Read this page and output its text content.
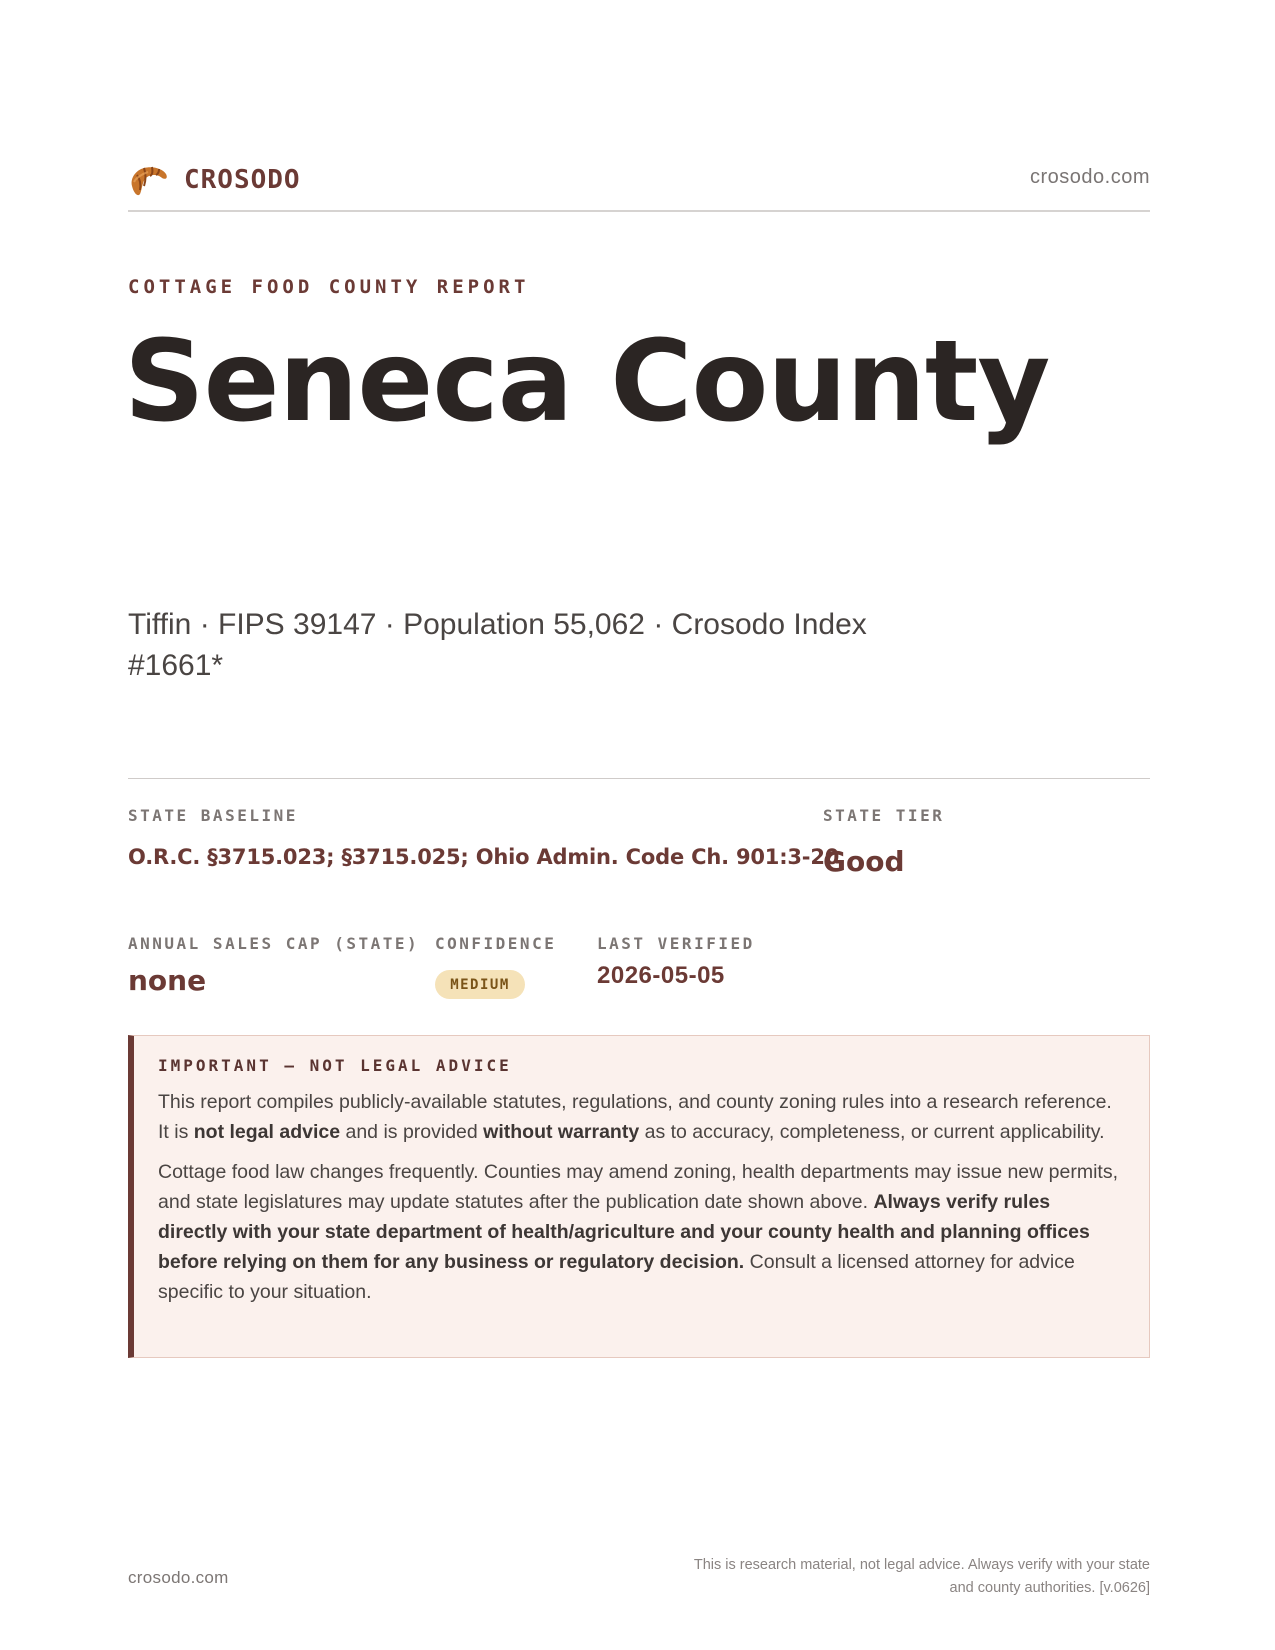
CROSODO	crosodo.com
COTTAGE FOOD COUNTY REPORT
Seneca County
Tiffin · FIPS 39147 · Population 55,062 · Crosodo Index #1661*
STATE BASELINE
O.R.C. §3715.023; §3715.025; Ohio Admin. Code Ch. 901:3-20
STATE TIER
Good
ANNUAL SALES CAP (STATE)
none
CONFIDENCE
MEDIUM
LAST VERIFIED
2026-05-05
IMPORTANT — NOT LEGAL ADVICE

This report compiles publicly-available statutes, regulations, and county zoning rules into a research reference. It is not legal advice and is provided without warranty as to accuracy, completeness, or current applicability.

Cottage food law changes frequently. Counties may amend zoning, health departments may issue new permits, and state legislatures may update statutes after the publication date shown above. Always verify rules directly with your state department of health/agriculture and your county health and planning offices before relying on them for any business or regulatory decision. Consult a licensed attorney for advice specific to your situation.

crosodo.com
This is research material, not legal advice. Always verify with your state
and county authorities. [v.0626]
